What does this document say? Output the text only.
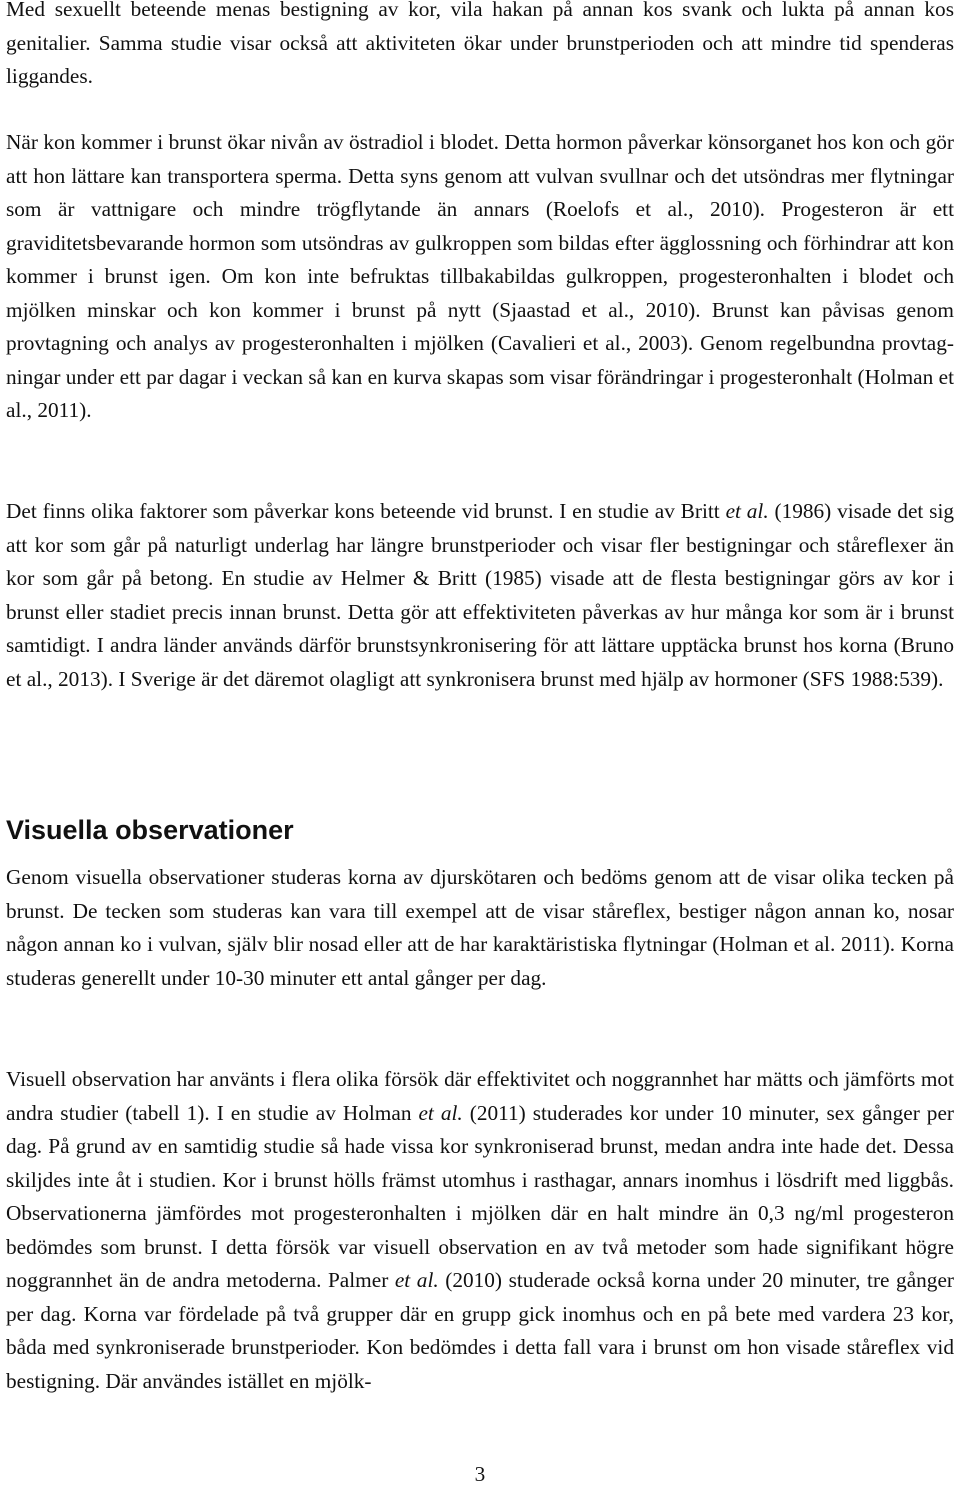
Med sexuellt beteende menas bestigning av kor, vila hakan på annan kos svank och lukta på annan kos genitalier. Samma studie visar också att aktiviteten ökar under brunstperioden och att mindre tid spenderas liggandes.

När kon kommer i brunst ökar nivån av östradiol i blodet. Detta hormon påverkar könsorganet hos kon och gör att hon lättare kan transportera sperma. Detta syns genom att vulvan svullnar och det utsöndras mer flytningar som är vattnigare och mindre trögflytande än annars (Roelofs et al., 2010). Progesteron är ett graviditetsbevarande hormon som utsöndras av gulkroppen som bildas efter ägglossning och förhindrar att kon kommer i brunst igen. Om kon inte befruktas tillbakabildas gulkroppen, progesteronhalten i blodet och mjölken minskar och kon kommer i brunst på nytt (Sjaastad et al., 2010). Brunst kan påvisas genom provtagning och analys av progesteronhalten i mjölken (Cavalieri et al., 2003). Genom regelbundna provtagningar under ett par dagar i veckan så kan en kurva skapas som visar förändringar i progesteronhalt (Holman et al., 2011).

Det finns olika faktorer som påverkar kons beteende vid brunst. I en studie av Britt et al. (1986) visade det sig att kor som går på naturligt underlag har längre brunstperioder och visar fler bestigningar och ståreflexer än kor som går på betong. En studie av Helmer & Britt (1985) visade att de flesta bestigningar görs av kor i brunst eller stadiet precis innan brunst. Detta gör att effektiviteten påverkas av hur många kor som är i brunst samtidigt. I andra länder används därför brunstsynkronisering för att lättare upptäcka brunst hos korna (Bruno et al., 2013). I Sverige är det däremot olagligt att synkronisera brunst med hjälp av hormoner (SFS 1988:539).

Visuella observationer

Genom visuella observationer studeras korna av djurskötaren och bedöms genom att de visar olika tecken på brunst. De tecken som studeras kan vara till exempel att de visar ståreflex, bestiger någon annan ko, nosar någon annan ko i vulvan, själv blir nosad eller att de har karaktäristiska flytningar (Holman et al. 2011). Korna studeras generellt under 10-30 minuter ett antal gånger per dag.

Visuell observation har använts i flera olika försök där effektivitet och noggrannhet har mätts och jämförts mot andra studier (tabell 1). I en studie av Holman et al. (2011) studerades kor under 10 minuter, sex gånger per dag. På grund av en samtidig studie så hade vissa kor synkroniserad brunst, medan andra inte hade det. Dessa skiljdes inte åt i studien. Kor i brunst hölls främst utomhus i rasthagar, annars inomhus i lösdrift med liggbås. Observationerna jämfördes mot progesteronhalten i mjölken där en halt mindre än 0,3 ng/ml progesteron bedömdes som brunst. I detta försök var visuell observation en av två metoder som hade signifikant högre noggrannhet än de andra metoderna. Palmer et al. (2010) studerade också korna under 20 minuter, tre gånger per dag. Korna var fördelade på två grupper där en grupp gick inomhus och en på bete med vardera 23 kor, båda med synkroniserade brunstperioder. Kon bedömdes i detta fall vara i brunst om hon visade ståreflex vid bestigning. Där användes istället en mjölk-

3
